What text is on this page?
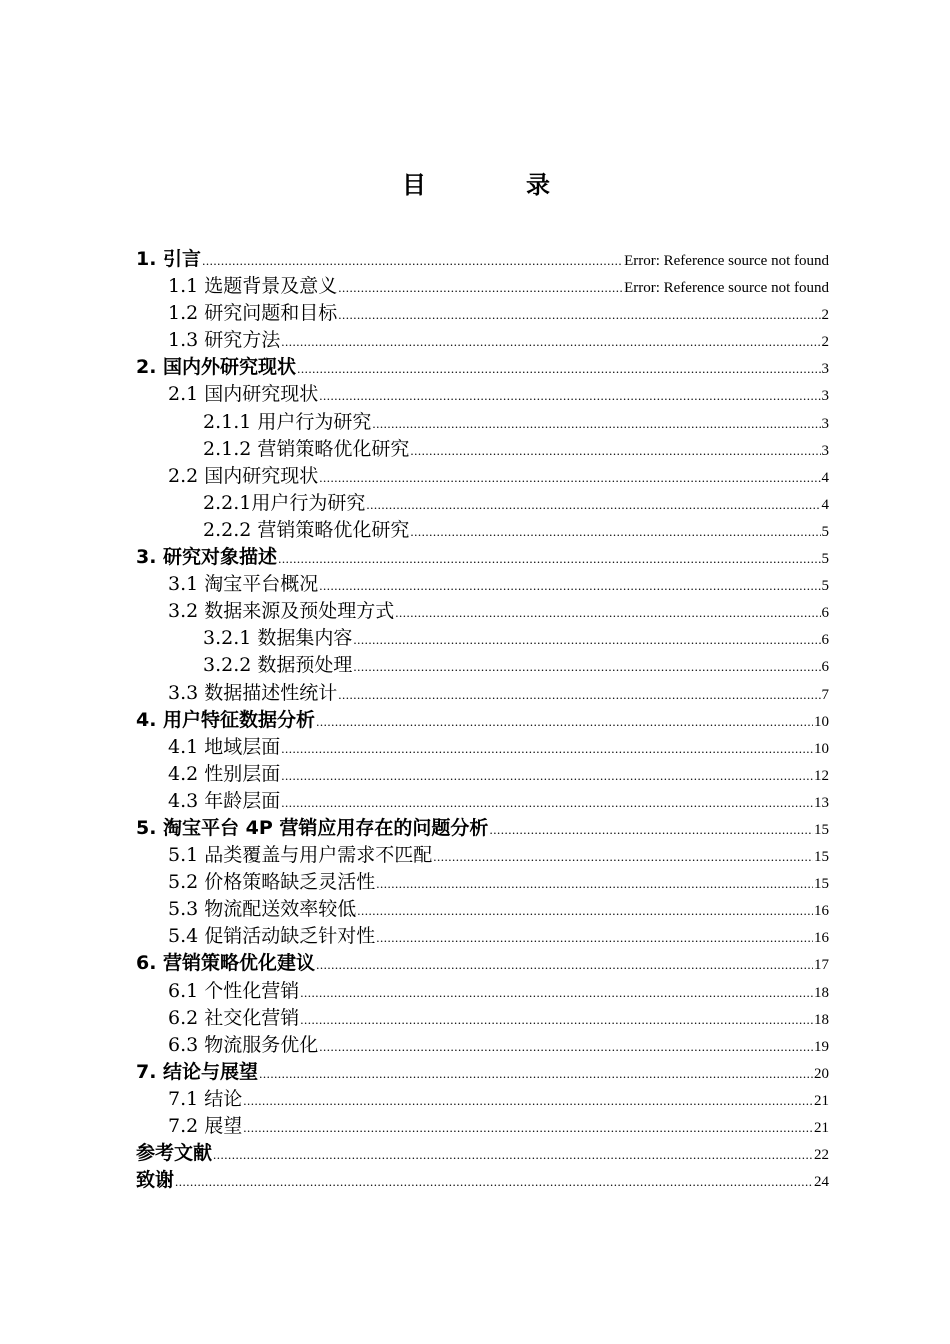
目　录
1. 引言 .....	Error: Reference source not found
1.1 选题背景及意义 .....	Error: Reference source not found
1.2 研究问题和目标 .....	2
1.3 研究方法 .....	2
2. 国内外研究现状 .....	3
2.1 国内研究现状 .....	3
2.1.1 用户行为研究 .....	3
2.1.2 营销策略优化研究 .....	3
2.2 国内研究现状 .....	4
2.2.1用户行为研究 .....	4
2.2.2 营销策略优化研究 .....	5
3. 研究对象描述 .....	5
3.1 淘宝平台概况 .....	5
3.2 数据来源及预处理方式 .....	6
3.2.1 数据集内容 .....	6
3.2.2 数据预处理 .....	6
3.3 数据描述性统计 .....	7
4. 用户特征数据分析 .....	10
4.1 地域层面 .....	10
4.2 性别层面 .....	12
4.3 年龄层面 .....	13
5. 淘宝平台 4P 营销应用存在的问题分析 .....	15
5.1 品类覆盖与用户需求不匹配 .....	15
5.2 价格策略缺乏灵活性 .....	15
5.3 物流配送效率较低 .....	16
5.4 促销活动缺乏针对性 .....	16
6. 营销策略优化建议 .....	17
6.1 个性化营销 .....	18
6.2 社交化营销 .....	18
6.3 物流服务优化 .....	19
7. 结论与展望 .....	20
7.1 结论 .....	21
7.2 展望 .....	21
参考文献 .....	22
致谢 .....	24
